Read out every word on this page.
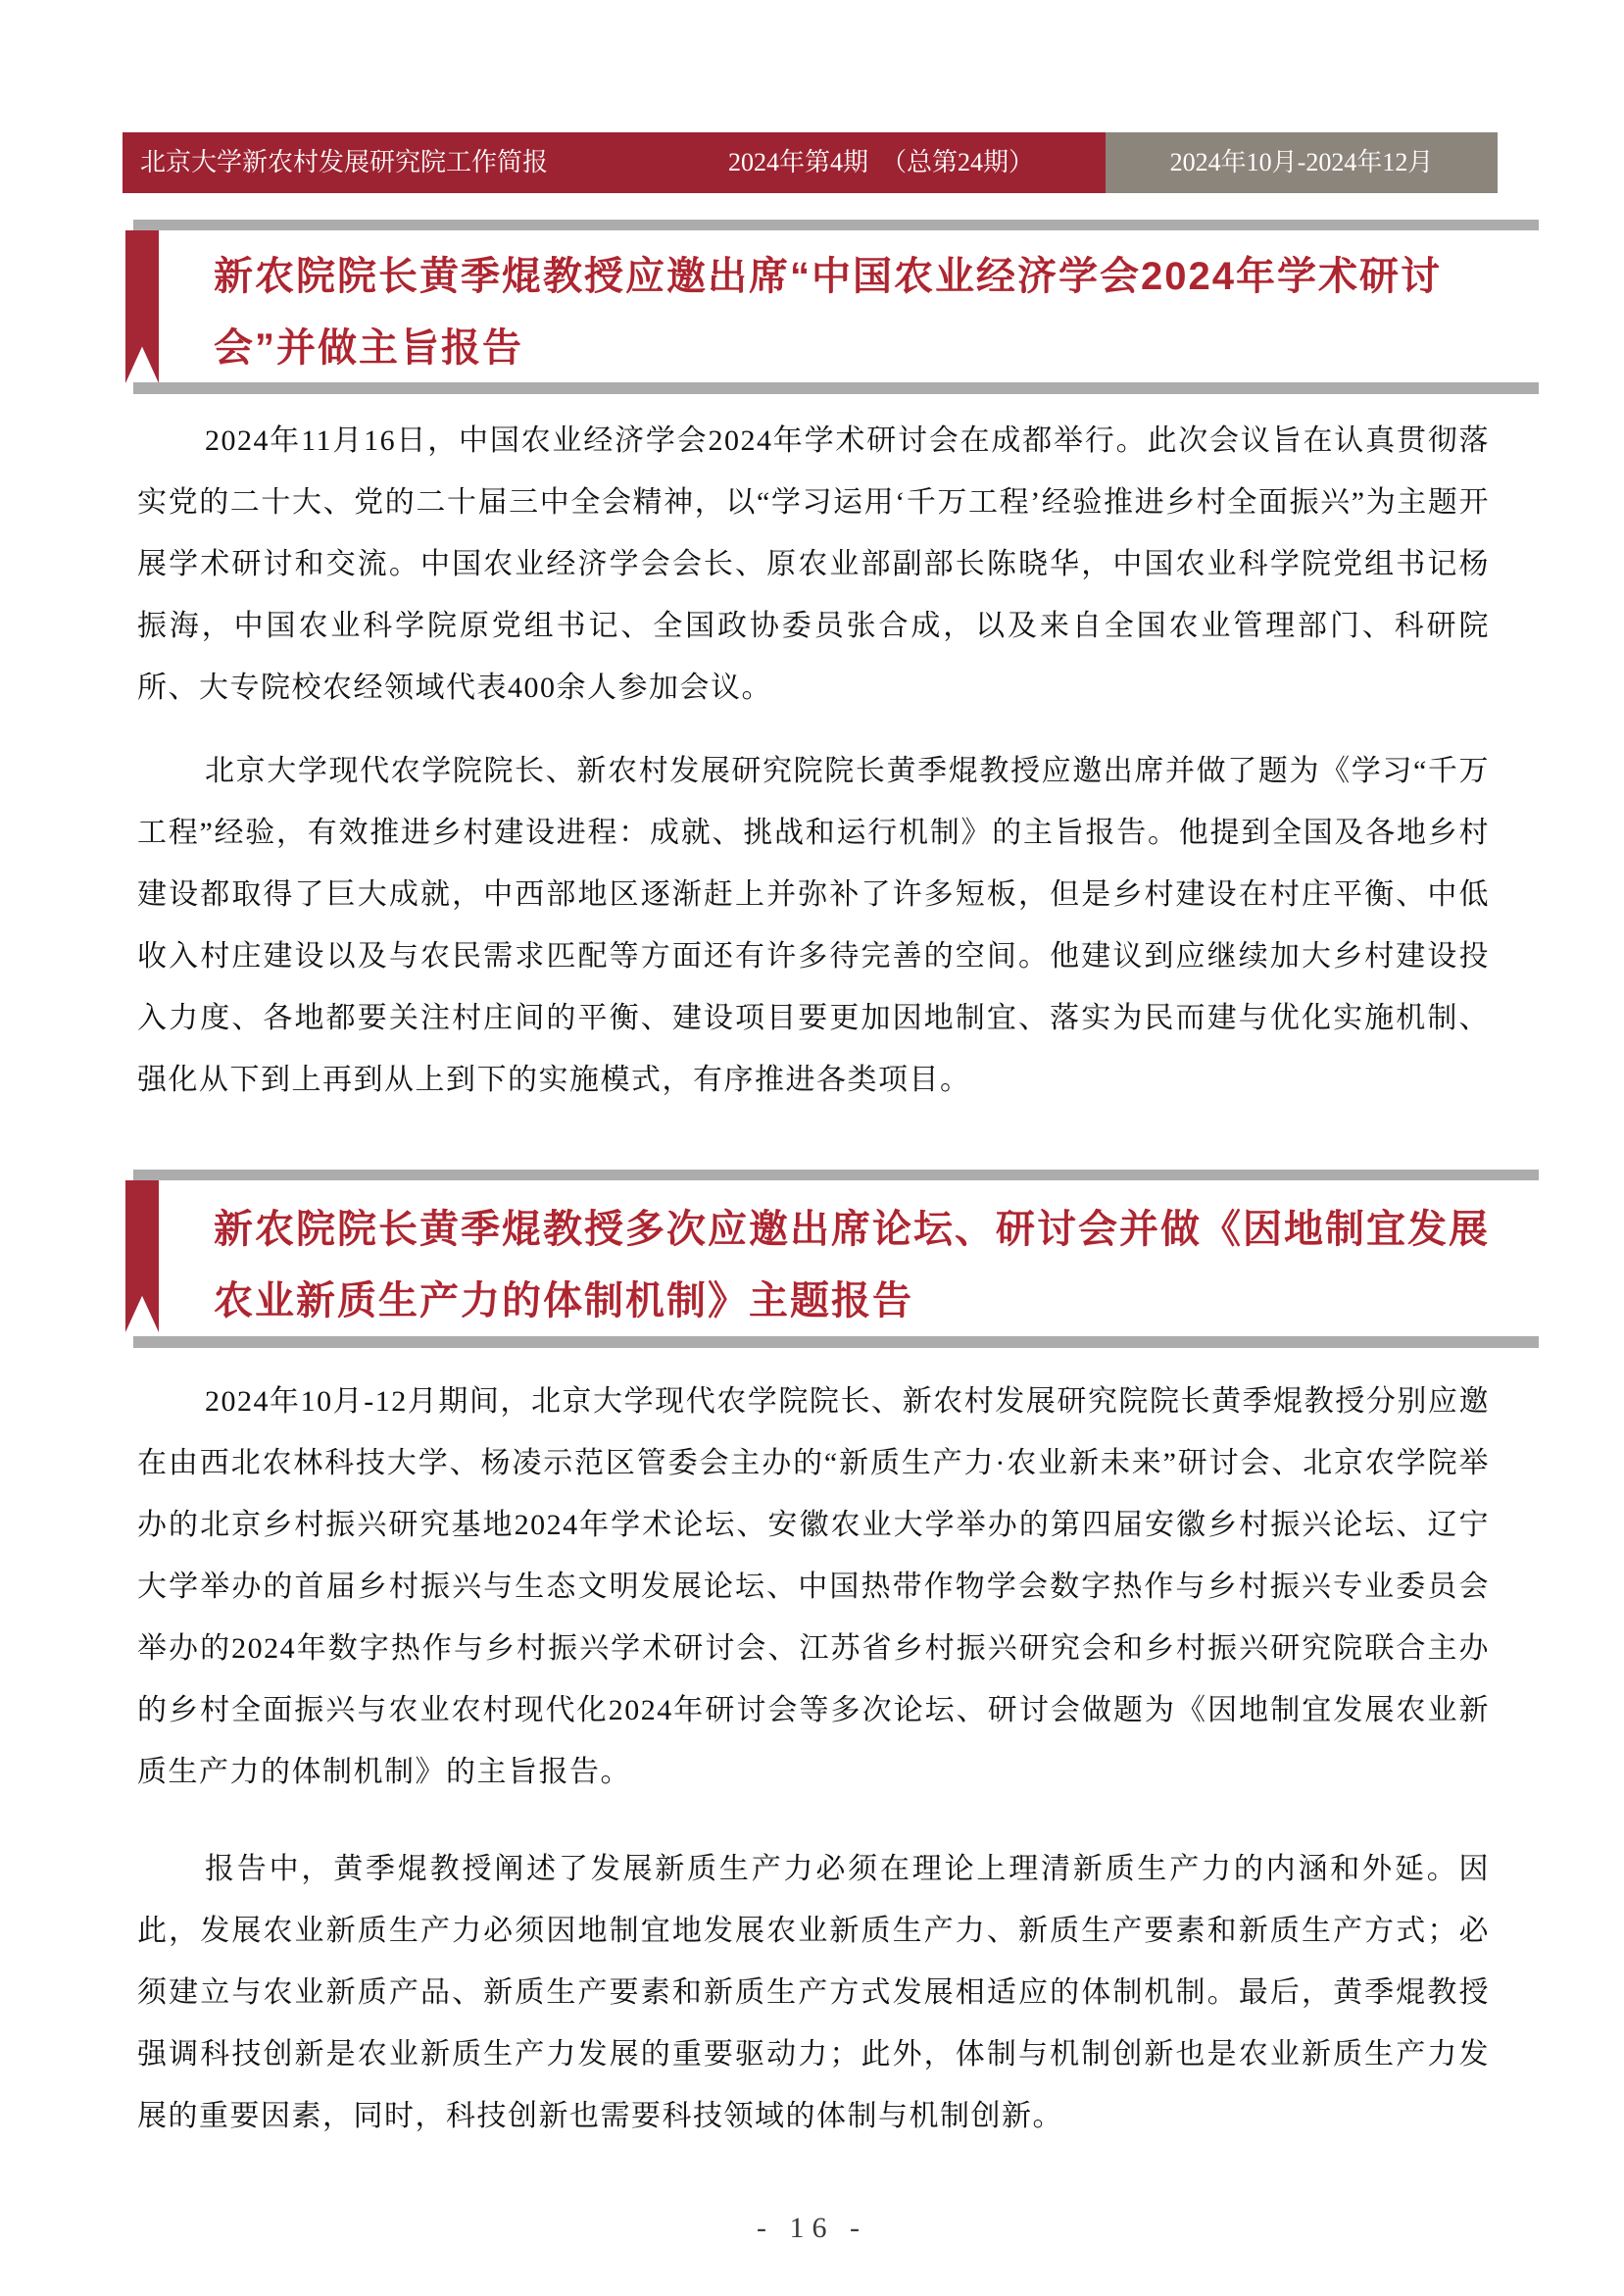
北京大学新农村发展研究院工作简报	2024年第4期　（总第24期）	2024年10月-2024年12月
新农院院长黄季焜教授应邀出席“中国农业经济学会2024年学术研讨会”并做主旨报告

2024年11月16日，中国农业经济学会2024年学术研讨会在成都举行。此次会议旨在认真贯彻落实党的二十大、党的二十届三中全会精神，以“学习运用‘千万工程’经验推进乡村全面振兴”为主题开展学术研讨和交流。中国农业经济学会会长、原农业部副部长陈晓华，中国农业科学院党组书记杨振海，中国农业科学院原党组书记、全国政协委员张合成，以及来自全国农业管理部门、科研院所、大专院校农经领域代表400余人参加会议。

北京大学现代农学院院长、新农村发展研究院院长黄季焜教授应邀出席并做了题为《学习“千万工程”经验，有效推进乡村建设进程：成就、挑战和运行机制》的主旨报告。他提到全国及各地乡村建设都取得了巨大成就，中西部地区逐渐赶上并弥补了许多短板，但是乡村建设在村庄平衡、中低收入村庄建设以及与农民需求匹配等方面还有许多待完善的空间。他建议到应继续加大乡村建设投入力度、各地都要关注村庄间的平衡、建设项目要更加因地制宜、落实为民而建与优化实施机制、强化从下到上再到从上到下的实施模式，有序推进各类项目。

新农院院长黄季焜教授多次应邀出席论坛、研讨会并做《因地制宜发展农业新质生产力的体制机制》主题报告

2024年10月-12月期间，北京大学现代农学院院长、新农村发展研究院院长黄季焜教授分别应邀在由西北农林科技大学、杨凌示范区管委会主办的“新质生产力·农业新未来”研讨会、北京农学院举办的北京乡村振兴研究基地2024年学术论坛、安徽农业大学举办的第四届安徽乡村振兴论坛、辽宁大学举办的首届乡村振兴与生态文明发展论坛、中国热带作物学会数字热作与乡村振兴专业委员会举办的2024年数字热作与乡村振兴学术研讨会、江苏省乡村振兴研究会和乡村振兴研究院联合主办的乡村全面振兴与农业农村现代化2024年研讨会等多次论坛、研讨会做题为《因地制宜发展农业新质生产力的体制机制》的主旨报告。

报告中，黄季焜教授阐述了发展新质生产力必须在理论上理清新质生产力的内涵和外延。因此，发展农业新质生产力必须因地制宜地发展农业新质生产力、新质生产要素和新质生产方式；必须建立与农业新质产品、新质生产要素和新质生产方式发展相适应的体制机制。最后，黄季焜教授强调科技创新是农业新质生产力发展的重要驱动力；此外，体制与机制创新也是农业新质生产力发展的重要因素，同时，科技创新也需要科技领域的体制与机制创新。

- 16 -
